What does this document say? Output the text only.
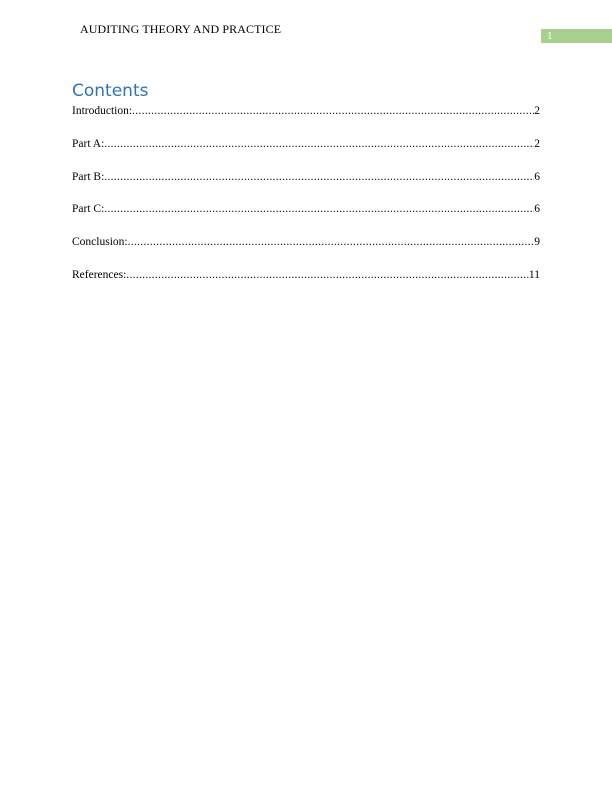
AUDITING THEORY AND PRACTICE	1
Contents
Introduction: .....	2
Part A: .....	2
Part B: .....	6
Part C: .....	6
Conclusion: .....	9
References: .....	11
